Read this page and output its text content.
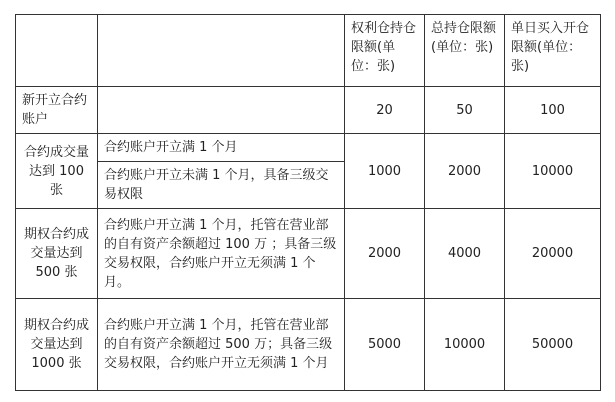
		权利仓持仓限额(单位：张)	总持仓限额(单位：张)	单日买入开仓限额(单位：张)
新开立合约账户		20	50	100
合约成交量达到 100 张	合约账户开立满 1 个月	1000	2000	10000
	合约账户开立未满 1 个月，具备三级交易权限			
期权合约成交量达到 500 张	合约账户开立满 1 个月，托管在营业部的自有资产余额超过 100 万 ；具备三级交易权限，合约账户开立无须满 1 个月。	2000	4000	20000
期权合约成交量达到 1000 张	合约账户开立满 1 个月，托管在营业部的自有资产余额超过 500 万；具备三级交易权限，合约账户开立无须满 1 个月	5000	10000	50000
